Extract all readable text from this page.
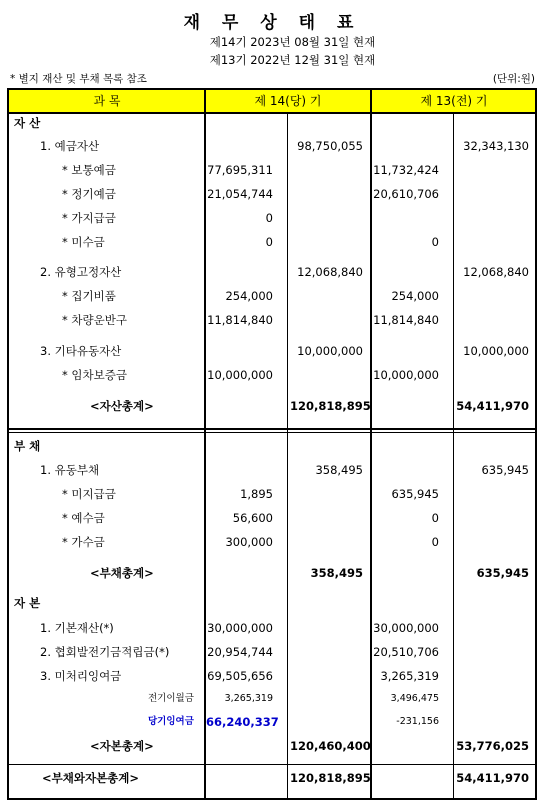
재 무 상 태 표
제14기 2023년 08월 31일 현재
제13기 2022년 12월 31일 현재
* 별지 재산 및 부채 목록 참조	(단위:원)
과 목	제 14(당) 기	제 13(전) 기
자 산
1. 예금자산	98,750,055	32,343,130
* 보통예금	77,695,311	11,732,424
* 정기예금	21,054,744	20,610,706
* 가지급금	0
* 미수금	0	0
2. 유형고정자산	12,068,840	12,068,840
* 집기비품	254,000	254,000
* 차량운반구	11,814,840	11,814,840
3. 기타유동자산	10,000,000	10,000,000
* 임차보증금	10,000,000	10,000,000
<자산총계>	120,818,895	54,411,970
부 채
1. 유동부채	358,495	635,945
* 미지급금	1,895	635,945
* 예수금	56,600	0
* 가수금	300,000	0
<부채총계>	358,495	635,945
자 본
1. 기본재산(*)	30,000,000	30,000,000
2. 협회발전기금적립금(*)	20,954,744	20,510,706
3. 미처리잉여금	69,505,656	3,265,319
전기이월금	3,265,319	3,496,475
당기잉여금 66,240,337	-231,156
<자본총계>	120,460,400	53,776,025
<부채와자본총계>	120,818,895	54,411,970
